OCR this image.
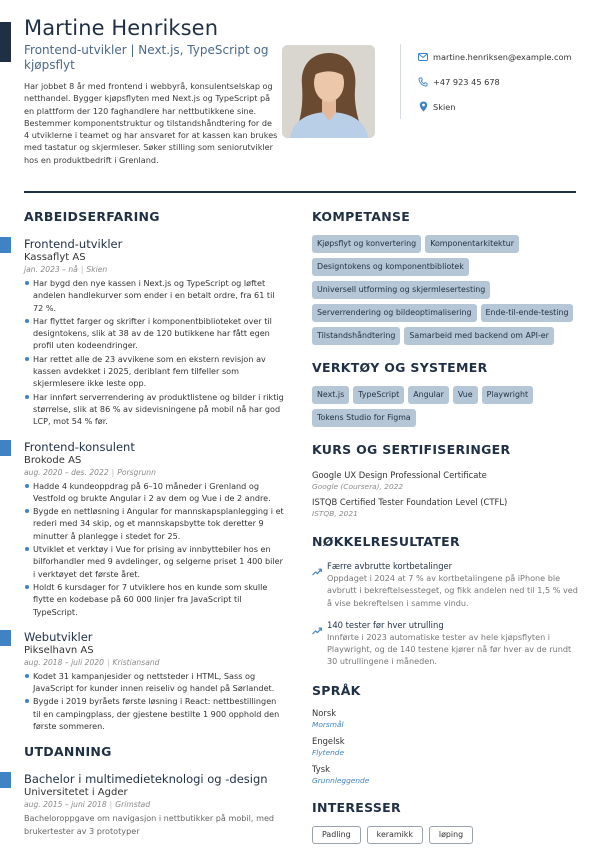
Martine Henriksen
Frontend-utvikler | Next.js, TypeScript og kjøpsflyt

Har jobbet 8 år med frontend i webbyrå, konsulentselskap og netthandel. Bygger kjøpsflyten med Next.js og TypeScript på en plattform der 120 faghandlere har nettbutikkene sine. Bestemmer komponentstruktur og tilstandshåndtering for de 4 utviklerne i teamet og har ansvaret for at kassen kan brukes med tastatur og skjermleser. Søker stilling som seniorutvikler hos en produktbedrift i Grenland.

martine.henriksen@example.com
+47 923 45 678
Skien
ARBEIDSERFARING
Frontend-utvikler
Kassaflyt AS
jan. 2023 – nå | Skien
Har bygd den nye kassen i Next.js og TypeScript og løftet andelen handlekurver som ender i en betalt ordre, fra 61 til 72 %.
Har flyttet farger og skrifter i komponentbiblioteket over til designtokens, slik at 38 av de 120 butikkene har fått egen profil uten kodeendringer.
Har rettet alle de 23 avvikene som en ekstern revisjon av kassen avdekket i 2025, deriblant fem tilfeller som skjermlesere ikke leste opp.
Har innført serverrendering av produktlistene og bilder i riktig størrelse, slik at 86 % av sidevisningene på mobil nå har god LCP, mot 54 % før.
Frontend-konsulent
Brokode AS
aug. 2020 – des. 2022 | Porsgrunn
Hadde 4 kundeoppdrag på 6–10 måneder i Grenland og Vestfold og brukte Angular i 2 av dem og Vue i de 2 andre.
Bygde en nettløsning i Angular for mannskapsplanlegging i et rederi med 34 skip, og et mannskapsbytte tok deretter 9 minutter å planlegge i stedet for 25.
Utviklet et verktøy i Vue for prising av innbyttebiler hos en bilforhandler med 9 avdelinger, og selgerne priset 1 400 biler i verktøyet det første året.
Holdt 6 kursdager for 7 utviklere hos en kunde som skulle flytte en kodebase på 60 000 linjer fra JavaScript til TypeScript.
Webutvikler
Pikselhavn AS
aug. 2018 – juli 2020 | Kristiansand
Kodet 31 kampanjesider og nettsteder i HTML, Sass og JavaScript for kunder innen reiseliv og handel på Sørlandet.
Bygde i 2019 byråets første løsning i React: nettbestillingen til en campingplass, der gjestene bestilte 1 900 opphold den første sommeren.
UTDANNING
Bachelor i multimedieteknologi og -design
Universitetet i Agder
aug. 2015 – juni 2018 | Grimstad
Bacheloroppgave om navigasjon i nettbutikker på mobil, med brukertester av 3 prototyper
KOMPETANSE
Kjøpsflyt og konvertering	Komponentarkitektur
Designtokens og komponentbibliotek
Universell utforming og skjermlesertesting
Serverrendering og bildeoptimalisering	Ende-til-ende-testing
Tilstandshåndtering	Samarbeid med backend om API-er
VERKTØY OG SYSTEMER
Next.js	TypeScript	Angular	Vue	Playwright
Tokens Studio for Figma
KURS OG SERTIFISERINGER
Google UX Design Professional Certificate
Google (Coursera), 2022
ISTQB Certified Tester Foundation Level (CTFL)
ISTQB, 2021
NØKKELRESULTATER
Færre avbrutte kortbetalinger
Oppdaget i 2024 at 7 % av kortbetalingene på iPhone ble avbrutt i bekreftelsessteget, og fikk andelen ned til 1,5 % ved å vise bekreftelsen i samme vindu.
140 tester før hver utrulling
Innførte i 2023 automatiske tester av hele kjøpsflyten i Playwright, og de 140 testene kjører nå før hver av de rundt 30 utrullingene i måneden.
SPRÅK
Norsk
Morsmål
Engelsk
Flytende
Tysk
Grunnleggende
INTERESSER
Padling	keramikk	løping
